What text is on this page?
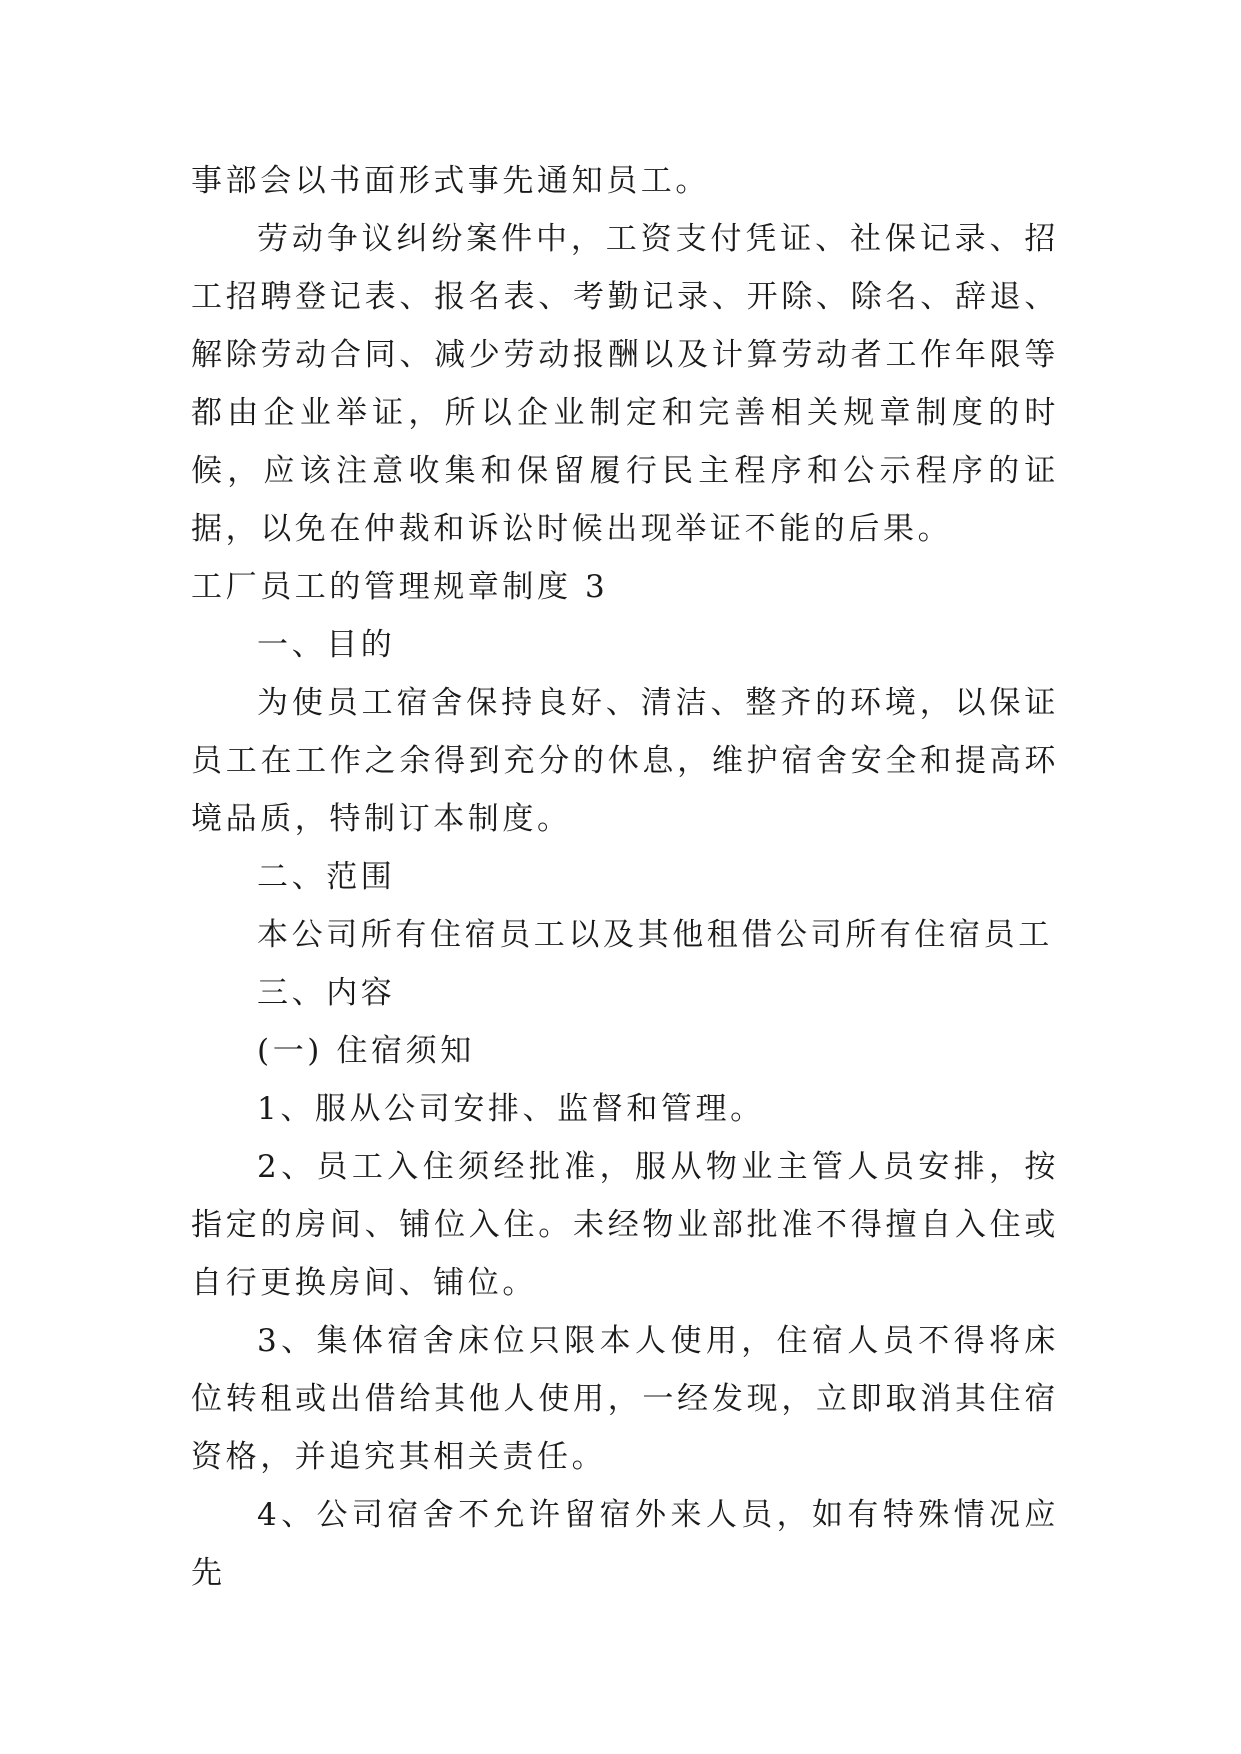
事部会以书面形式事先通知员工。

劳动争议纠纷案件中，工资支付凭证、社保记录、招工招聘登记表、报名表、考勤记录、开除、除名、辞退、解除劳动合同、减少劳动报酬以及计算劳动者工作年限等都由企业举证，所以企业制定和完善相关规章制度的时候，应该注意收集和保留履行民主程序和公示程序的证据，以免在仲裁和诉讼时候出现举证不能的后果。

工厂员工的管理规章制度 3

一、目的

为使员工宿舍保持良好、清洁、整齐的环境，以保证员工在工作之余得到充分的休息，维护宿舍安全和提高环境品质，特制订本制度。

二、范围

本公司所有住宿员工以及其他租借公司所有住宿员工

三、内容

(一) 住宿须知

1、服从公司安排、监督和管理。

2、员工入住须经批准，服从物业主管人员安排，按指定的房间、铺位入住。未经物业部批准不得擅自入住或自行更换房间、铺位。

3、集体宿舍床位只限本人使用，住宿人员不得将床位转租或出借给其他人使用，一经发现，立即取消其住宿资格，并追究其相关责任。

4、公司宿舍不允许留宿外来人员，如有特殊情况应先
